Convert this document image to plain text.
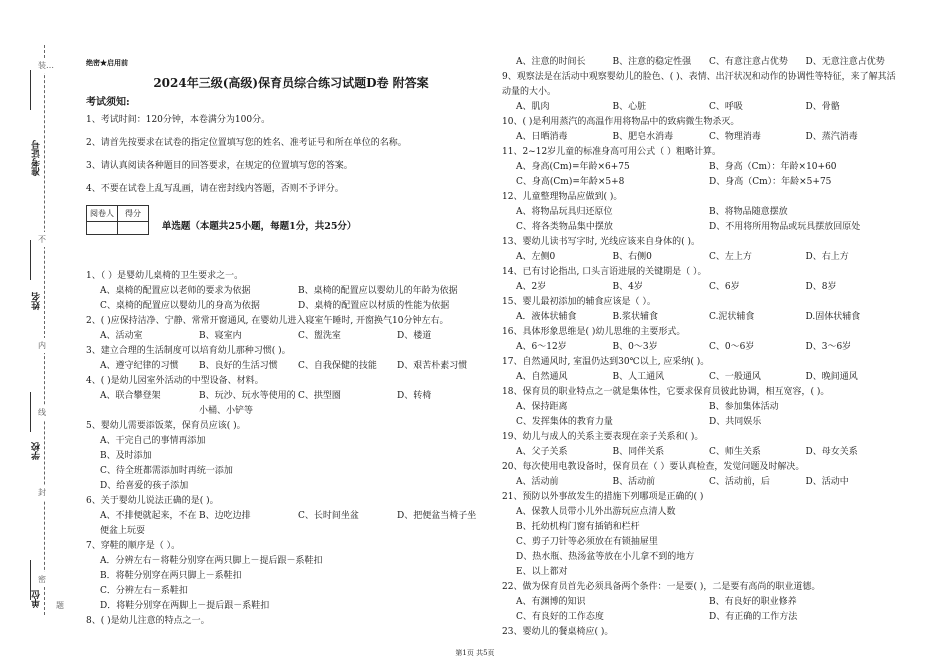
装…
准考证号
不
姓名
内
线
学校
封
密
单位 题
绝密★启用前
2024年三级(高级)保育员综合练习试题D卷 附答案
考试须知:
1、考试时间：120分钟，本卷满分为100分。
2、请首先按要求在试卷的指定位置填写您的姓名、准考证号和所在单位的名称。
3、请认真阅读各种题目的回答要求，在规定的位置填写您的答案。
4、不要在试卷上乱写乱画，请在密封线内答题，否则不予评分。
阅卷人	得分
	单选题（本题共25小题，每题1分，共25分）
1、（ ）是婴幼儿桌椅的卫生要求之一。
A、桌椅的配置应以老师的要求为依据	B、桌椅的配置应以婴幼儿的年龄为依据
C、桌椅的配置应以婴幼儿的身高为依据	D、桌椅的配置应以材质的性能为依据
2、( )应保持洁净、宁静、常常开窗通风, 在婴幼儿进入寝室午睡时, 开窗换气10分钟左右。
A、活动室	B、寝室内	C、盥洗室	D、楼道
3、建立合理的生活制度可以培育幼儿那种习惯( )。
A、遵守纪律的习惯	B、良好的生活习惯	C、自我保健的技能	D、艰苦朴素习惯
4、( )是幼儿园室外活动的中型设备、材料。
A、联合攀登架	B、玩沙、玩水等使用的小桶、小铲等
C、拱型圈	D、转椅
5、婴幼儿需要添饭菜，保育员应该( )。
A、干完自己的事情再添加
B、及时添加
C、待全班都需添加时再统一添加
D、给喜爱的孩子添加
6、关于婴幼儿说法正确的是( )。
A、不排便就起来，不在便盆上玩耍
B、边吃边排	C、长时间坐盆	D、把便盆当椅子坐
7、穿鞋的顺序是（ ）。
A．分辨左右－将鞋分别穿在两只脚上－提后跟－系鞋扣
B．将鞋分别穿在两只脚上－系鞋扣
C．分辨左右－系鞋扣
D．将鞋分别穿在两脚上－提后跟－系鞋扣
8、( )是幼儿注意的特点之一。
A、注意的时间长	B、注意的稳定性强	C、有意注意占优势	D、无意注意占优势
9、观察法是在活动中观察婴幼儿的脸色、( )、表情、出汗状况和动作的协调性等特征，来了解其活动量的大小。
A、肌肉	B、心脏	C、呼吸	D、骨骼
10、( )是利用蒸汽的高温作用将物品中的致病微生物杀灭。
A、日晒消毒	B、肥皂水消毒	C、物理消毒	D、蒸汽消毒
11、2~12岁儿童的标准身高可用公式（ ）粗略计算。
A、身高(Cm)=年龄×6+75	B、身高（Cm）：年龄×10+60
C、身高(Cm)=年龄×5+8	D、身高（Cm）：年龄×5+75
12、儿童整理物品应做到( )。
A、将物品玩具归还原位	B、将物品随意摆放
C、将各类物品集中摆放	D、不用将所用物品或玩具摆放回原处
13、婴幼儿读书写字时, 光线应该来自身体的( )。
A、左侧0	B、右侧0	C、左上方	D、右上方
14、已有讨论指出, 口头言语进展的关键期是（ ）。
A、2岁	B、4岁	C、6岁	D、8岁
15、婴儿最初添加的辅食应该是（ ）。
A．液体状辅食	B.浆状辅食	C.泥状辅食	D.固体状辅食
16、具体形象思维是( )幼儿思维的主要形式。
A、6～12岁	B、0～3岁	C、0～6岁	D、3～6岁
17、自然通风时, 室温仍达到30℃以上, 应采纳( )。
A、自然通风	B、人工通风	C、一般通风	D、晚间通风
18、保育员的职业特点之一就是集体性，它要求保育员彼此协调，相互宽容，( )。
A、保持距离	B、参加集体活动
C、发挥集体的教育力量	D、共同娱乐
19、幼儿与成人的关系主要表现在亲子关系和( )。
A、父子关系	B、同伴关系	C、师生关系	D、母女关系
20、每次使用电教设备时，保育员在（ ）要认真检查，发觉问题及时解决。
A、活动前	B、活动前	C、活动前，后	D、活动中
21、预防以外事故发生的措施下列哪项是正确的( )
A、保教人员带小儿外出游玩应点清人数
B、托幼机构门窗有插销和栏杆
C、剪子刀针等必须放在有锁抽屉里
D、热水瓶、热汤盆等放在小儿拿不到的地方
E、以上都对
22、做为保育员首先必须具备两个条件：一是要( )，二是要有高尚的职业道德。
A、有渊博的知识	B、有良好的职业修养
C、有良好的工作态度	D、有正确的工作方法
23、婴幼儿的餐桌椅应( )。
第1页 共5页
